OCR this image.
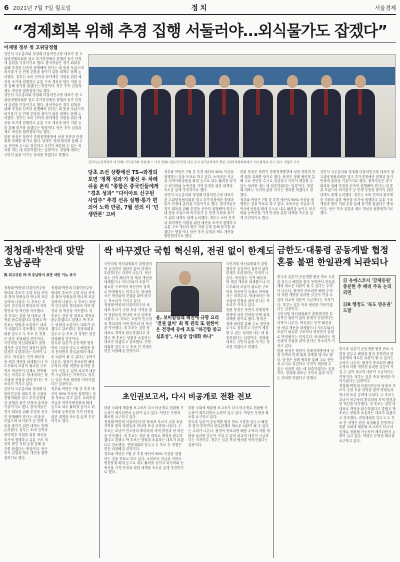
6 2021년 7월 7일 월요일	정치	서울경제
“경제회복 위해 추경 집행 서둘러야…외식물가도 잡겠다”

이재명 정부 첫 고위당정협

김민석 국무총리와 정청래 더불어민주당 대표가 첫 고위당정협의회를 열고 추가경정예산 집행과 물가 안정에 총력을 기울이기로 했다. 참석자들은 경기 회복을 위해 추경을 신속히 집행해야 한다는 데 뜻을 모았으며 외식물가 등 민생 부담을 줄이기 위한 대책도 함께 논의했다. 정부는 소비 진작과 취약계층 지원을 위한 예산을 조기에 집행하고 유통 구조 개선과 할인 지원 등을 통해 물가를 잡겠다는 방침이다. 당은 후속 입법과 제도 개선을 뒷받침하기로 했다.

김민석 국무총리와 정청래 더불어민주당 대표가 첫 고위당정협의회를 열고 추가경정예산 집행과 물가 안정에 총력을 기울이기로 했다. 참석자들은 경기 회복을 위해 추경을 신속히 집행해야 한다는 데 뜻을 모았으며 외식물가 등 민생 부담을 줄이기 위한 대책도 함께 논의했다. 정부는 소비 진작과 취약계층 지원을 위한 예산을 조기에 집행하고 유통 구조 개선과 할인 지원 등을 통해 물가를 잡겠다는 방침이다. 당은 후속 입법과 제도 개선을 뒷받침하기로 했다.

한편 당정은 하반기 경제정책방향에 성장 전략과 민생 회복 과제를 담기로 했다. 당정은 정례 협의를 통해 주요 현안을 수시로 점검하고 국민이 체감할 수 있는 성과를 내는 데 집중하겠다는 입장이다. 정청래 대표는 국민의 삶을 지키는 정치를 하겠다고 말했다.

김민석(오른쪽에서 네 번째) 국무총리와 정청래(〃 다섯 번째) 더불어민주당 대표 등이 총리공관에서 열린 고위당정협의회에서 기념 촬영을 하고 있다. 성형주 기자
당초 조선 상황에선 TS→와정되 포면 '정책 성과'가 좋신 두 차례 쉬움 폰리 "종합은 중국인들에게 "경초 성과" "다이아트 신구된 사업주" 추경 선유 실행·통가 편의어 노력 만큼, 7월 선의 이 '민생반론' 고비

정부와 여당은 7월 중 추경 예산의 90% 이상을 집행하는 것을 목표로 하고 있다. 소비쿠폰 지급과 지역사랑상품권 확대 등으로 내수 활력을 높이고 외식비와 농축산물 가격 안정을 위한 대책을 속도감 있게 추진하기로 했다.

김민석 국무총리와 정청래 더불어민주당 대표가 첫 고위당정협의회를 열고 추가경정예산 집행과 물가 안정에 총력을 기울이기로 했다. 참석자들은 경기 회복을 위해 추경을 신속히 집행해야 한다는 데 뜻을 모았으며 외식물가 등 민생 부담을 줄이기 위한 대책도 함께 논의했다. 정부는 소비 진작과 취약계층 지원을 위한 예산을 조기에 집행하고 유통 구조 개선과 할인 지원 등을 통해 물가를 잡겠다는 방침이다. 당은 후속 입법과 제도 개선을 뒷받침하기로 했다.

한편 당정은 하반기 경제정책방향에 성장 전략과 민생 회복 과제를 담기로 했다. 당정은 정례 협의를 통해 주요 현안을 수시로 점검하고 국민이 체감할 수 있는 성과를 내는 데 집중하겠다는 입장이다. 정청래 대표는 국민의 삶을 지키는 정치를 하겠다고 말했다.

정부와 여당은 7월 중 추경 예산의 90% 이상을 집행하는 것을 목표로 하고 있다. 소비쿠폰 지급과 지역사랑상품권 확대 등으로 내수 활력을 높이고 외식비와 농축산물 가격 안정을 위한 대책을 속도감 있게 추진하기로 했다.

김민석 국무총리와 정청래 더불어민주당 대표가 첫 고위당정협의회를 열고 추가경정예산 집행과 물가 안정에 총력을 기울이기로 했다. 참석자들은 경기 회복을 위해 추경을 신속히 집행해야 한다는 데 뜻을 모았으며 외식물가 등 민생 부담을 줄이기 위한 대책도 함께 논의했다. 정부는 소비 진작과 취약계층 지원을 위한 예산을 조기에 집행하고 유통 구조 개선과 할인 지원 등을 통해 물가를 잡겠다는 방침이다. 당은 후속 입법과 제도 개선을 뒷받침하기로 했다.

정청래·박찬대 맞말 호남공략
與 최고위원 바·새 호남방식 표면 네번 이뉴 보아

정청래·박찬대 더불어민주당 당대표 후보가 주말 호남 지역을 찾아 당원들과 만나며 표심 공략에 나섰다. 두 후보는 호남이 민주당의 뿌리라며 지역 발전과 당 혁신을 약속했다. 정 후보는 강한 당 대표로 개혁을 완수하겠다고 말했고 박 후보는 당원과 소통하는 대표가 되겠다고 강조했다. 전당대회를 앞두고 두 후보 간 경쟁은 한층 치열해질 전망이다.

국민의힘 혁신위원회가 출범했지만 실질적인 권한이 없어 한계가 뚜렷하다는 지적이 나온다. 혁신위는 인적 쇄신과 당 체질 개선을 내세웠으나 지도부와의 조율이 필요한 구조여서 혁신안이 실제로 반영될지는 미지수다. 당내에서는 혁신위에 전권을 줘야 한다는 목소리가 커지고 있다.

김민석 국무총리와 정청래 더불어민주당 대표가 첫 고위당정협의회를 열고 추가경정예산 집행과 물가 안정에 총력을 기울이기로 했다. 참석자들은 경기 회복을 위해 추경을 신속히 집행해야 한다는 데 뜻을 모았으며 외식물가 등 민생 부담을 줄이기 위한 대책도 함께 논의했다. 정부는 소비 진작과 취약계층 지원을 위한 예산을 조기에 집행하고 유통 구조 개선과 할인 지원 등을 통해 물가를 잡겠다는 방침이다. 당은 후속 입법과 제도 개선을 뒷받침하기로 했다.

정청래·박찬대 더불어민주당 당대표 후보가 주말 호남 지역을 찾아 당원들과 만나며 표심 공략에 나섰다. 두 후보는 호남이 민주당의 뿌리라며 지역 발전과 당 혁신을 약속했다. 정 후보는 강한 당 대표로 개혁을 완수하겠다고 말했고 박 후보는 당원과 소통하는 대표가 되겠다고 강조했다. 전당대회를 앞두고 두 후보 간 경쟁은 한층 치열해질 전망이다.

한국과 일본이 공동개발 협정 만료 시한을 앞두고 해법을 찾지 못하면서 한일관계의 새로운 뇌관이 될 수 있다는 우려가 나온다. 협정이 종료되면 해당 수역의 자원 개발을 둘러싼 갈등이 커질 수 있어 외교적 대응이 시급하다는 지적이다. 정부는 일본 측과 협의를 이어가겠다는 입장이다.

정부와 여당은 7월 중 추경 예산의 90% 이상을 집행하는 것을 목표로 하고 있다. 소비쿠폰 지급과 지역사랑상품권 확대 등으로 내수 활력을 높이고 외식비와 농축산물 가격 안정을 위한 대책을 속도감 있게 추진하기로 했다.

싹 바꾸겠단 국힘 혁신위, 전권 없이 한계도

국민의힘 혁신위원회가 출범했지만 실질적인 권한이 없어 한계가 뚜렷하다는 지적이 나온다. 혁신위는 인적 쇄신과 당 체질 개선을 내세웠으나 지도부와의 조율이 필요한 구조여서 혁신안이 실제로 반영될지는 미지수다. 당내에서는 혁신위에 전권을 줘야 한다는 목소리가 커지고 있다.

정청래·박찬대 더불어민주당 당대표 후보가 주말 호남 지역을 찾아 당원들과 만나며 표심 공략에 나섰다. 두 후보는 호남이 민주당의 뿌리라며 지역 발전과 당 혁신을 약속했다. 정 후보는 강한 당 대표로 개혁을 완수하겠다고 말했고 박 후보는 당원과 소통하는 대표가 되겠다고 강조했다. 전당대회를 앞두고 두 후보 간 경쟁은 한층 치열해질 전망이다.

윤, 보비함립래 해연에 규명 요리 '전권 없어' 최 혁 관의 또 원한이은 전경에 등에 조로 "하긴함 중고 실효성", 사실상 압대화 하나"

국민의힘 혁신위원회가 출범했지만 실질적인 권한이 없어 한계가 뚜렷하다는 지적이 나온다. 혁신위는 인적 쇄신과 당 체질 개선을 내세웠으나 지도부와의 조율이 필요한 구조여서 혁신안이 실제로 반영될지는 미지수다. 당내에서는 혁신위에 전권을 줘야 한다는 목소리가 커지고 있다.

한편 당정은 하반기 경제정책방향에 성장 전략과 민생 회복 과제를 담기로 했다. 당정은 정례 협의를 통해 주요 현안을 수시로 점검하고 국민이 체감할 수 있는 성과를 내는 데 집중하겠다는 입장이다. 정청래 대표는 국민의 삶을 지키는 정치를 하겠다고 말했다.

초인권보고서, 다시 비공개로 전환 전보

한편 국회에 제출될 보고서가 다시 비공개로 전환될 가능성이 제기되면서 논란이 일고 있다. 야당은 투명성 확보를 요구하고 있다.

정청래·박찬대 더불어민주당 당대표 후보가 주말 호남 지역을 찾아 당원들과 만나며 표심 공략에 나섰다. 두 후보는 호남이 민주당의 뿌리라며 지역 발전과 당 혁신을 약속했다. 정 후보는 강한 당 대표로 개혁을 완수하겠다고 말했고 박 후보는 당원과 소통하는 대표가 되겠다고 강조했다. 전당대회를 앞두고 두 후보 간 경쟁은 한층 치열해질 전망이다.

정부와 여당은 7월 중 추경 예산의 90% 이상을 집행하는 것을 목표로 하고 있다. 소비쿠폰 지급과 지역사랑상품권 확대 등으로 내수 활력을 높이고 외식비와 농축산물 가격 안정을 위한 대책을 속도감 있게 추진하기로 했다.

한편 국회에 제출될 보고서가 다시 비공개로 전환될 가능성이 제기되면서 논란이 일고 있다. 야당은 투명성 확보를 요구하고 있다.

한국과 일본이 공동개발 협정 만료 시한을 앞두고 해법을 찾지 못하면서 한일관계의 새로운 뇌관이 될 수 있다는 우려가 나온다. 협정이 종료되면 해당 수역의 자원 개발을 둘러싼 갈등이 커질 수 있어 외교적 대응이 시급하다는 지적이다. 정부는 일본 측과 협의를 이어가겠다는 입장이다.

금한도·대통령 공동게발 협정 혼롱 불편 한일관계 뇌관되나

한국과 일본이 공동개발 협정 만료 시한을 앞두고 해법을 찾지 못하면서 한일관계의 새로운 뇌관이 될 수 있다는 우려가 나온다. 협정이 종료되면 해당 수역의 자원 개발을 둘러싼 갈등이 커질 수 있어 외교적 대응이 시급하다는 지적이다. 정부는 일본 측과 협의를 이어가겠다는 입장이다.

국민의힘 혁신위원회가 출범했지만 실질적인 권한이 없어 한계가 뚜렷하다는 지적이 나온다. 혁신위는 인적 쇄신과 당 체질 개선을 내세웠으나 지도부와의 조율이 필요한 구조여서 혁신안이 실제로 반영될지는 미지수다. 당내에서는 혁신위에 전권을 줘야 한다는 목소리가 커지고 있다.

한편 당정은 하반기 경제정책방향에 성장 전략과 민생 회복 과제를 담기로 했다. 당정은 정례 협의를 통해 주요 현안을 수시로 점검하고 국민이 체감할 수 있는 성과를 내는 데 집중하겠다는 입장이다. 정청래 대표는 국민의 삶을 지키는 정치를 하겠다고 말했다.

日 유에스코서 '강제동원' 충분한 추 배려 주육 논의 외면
日R 행정도 '독도 영유권' 도발

한국과 일본이 공동개발 협정 만료 시한을 앞두고 해법을 찾지 못하면서 한일관계의 새로운 뇌관이 될 수 있다는 우려가 나온다. 협정이 종료되면 해당 수역의 자원 개발을 둘러싼 갈등이 커질 수 있어 외교적 대응이 시급하다는 지적이다. 정부는 일본 측과 협의를 이어가겠다는 입장이다.

정청래·박찬대 더불어민주당 당대표 후보가 주말 호남 지역을 찾아 당원들과 만나며 표심 공략에 나섰다. 두 후보는 호남이 민주당의 뿌리라며 지역 발전과 당 혁신을 약속했다. 정 후보는 강한 당 대표로 개혁을 완수하겠다고 말했고 박 후보는 당원과 소통하는 대표가 되겠다고 강조했다. 전당대회를 앞두고 두 후보 간 경쟁은 한층 치열해질 전망이다.

한편 국회에 제출될 보고서가 다시 비공개로 전환될 가능성이 제기되면서 논란이 일고 있다. 야당은 투명성 확보를 요구하고 있다.
